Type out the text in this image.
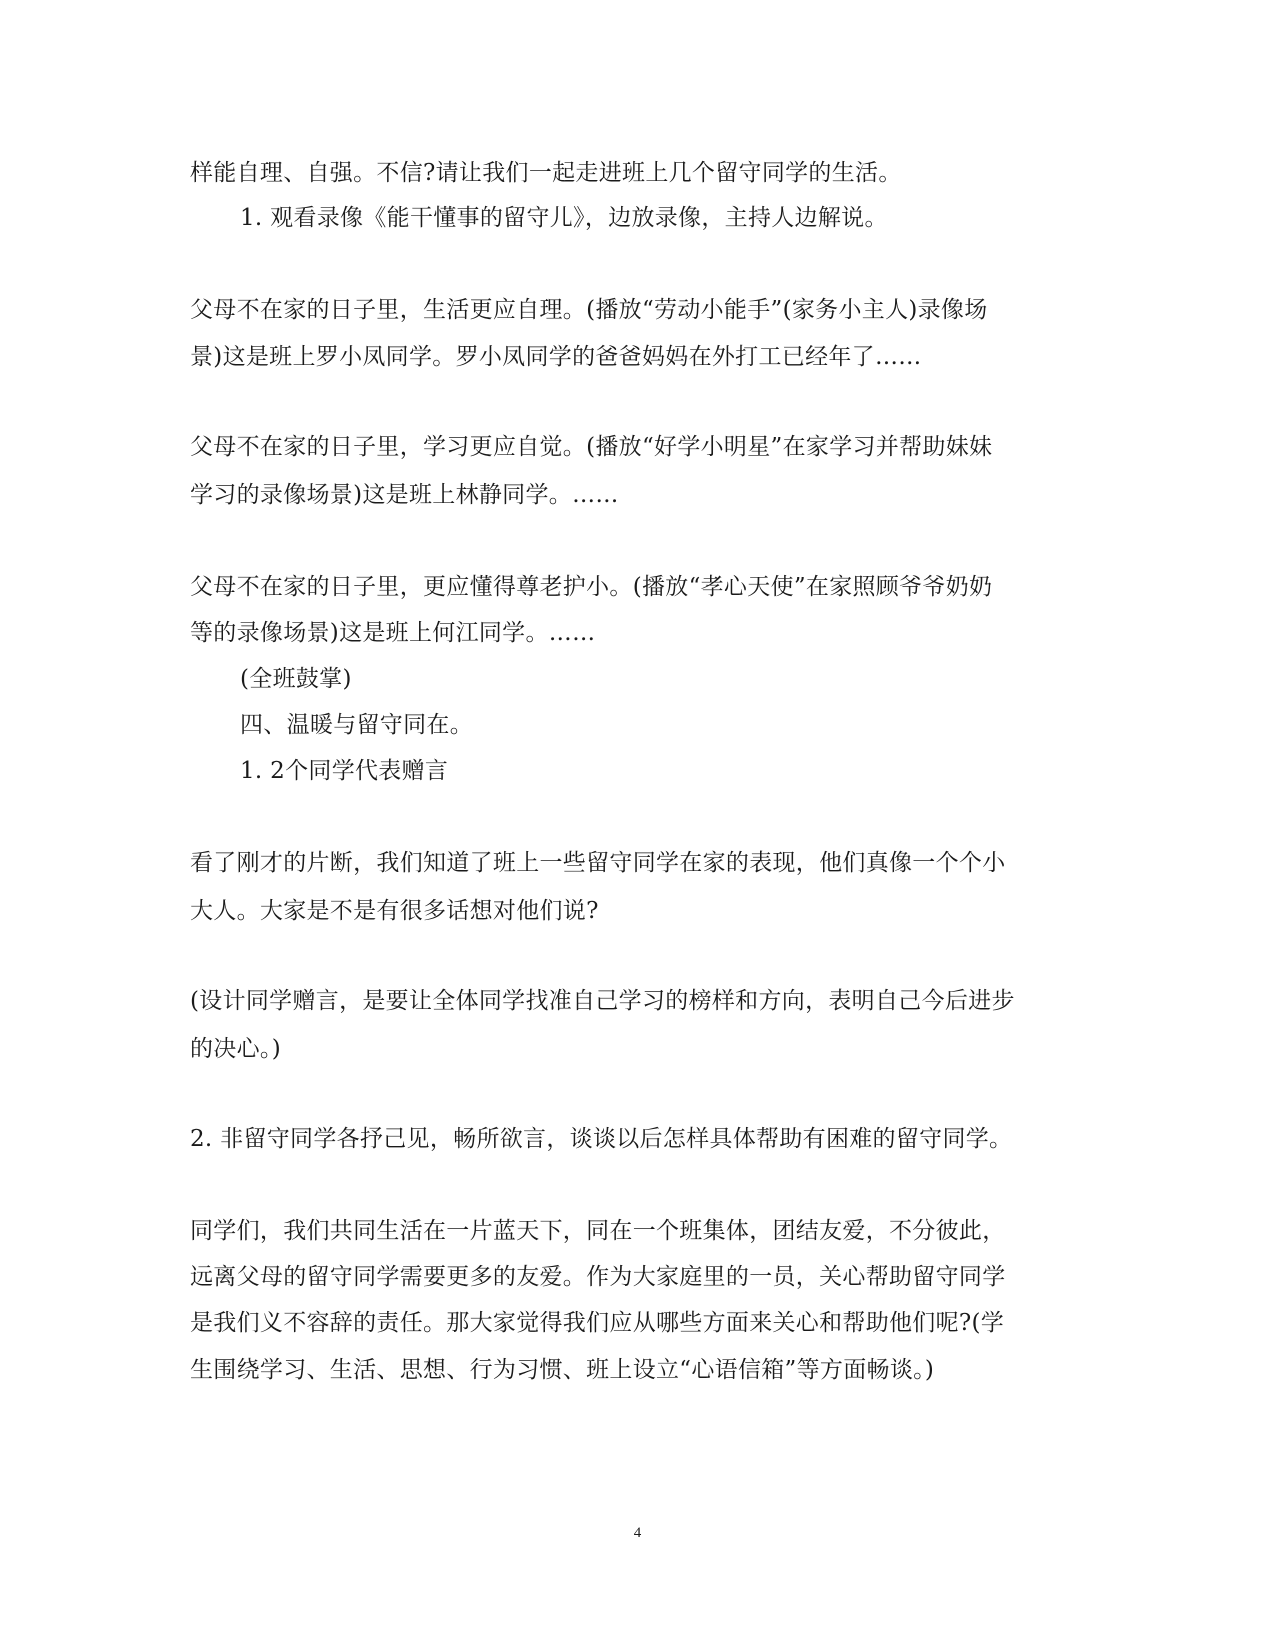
样能自理、自强。不信?请让我们一起走进班上几个留守同学的生活。
1. 观看录像《能干懂事的留守儿》，边放录像，主持人边解说。
父母不在家的日子里，生活更应自理。(播放“劳动小能手”(家务小主人)录像场
景)这是班上罗小凤同学。罗小凤同学的爸爸妈妈在外打工已经年了……
父母不在家的日子里，学习更应自觉。(播放“好学小明星”在家学习并帮助妹妹
学习的录像场景)这是班上林静同学。……
父母不在家的日子里，更应懂得尊老护小。(播放“孝心天使”在家照顾爷爷奶奶
等的录像场景)这是班上何江同学。……
(全班鼓掌)
四、温暖与留守同在。
1. 2个同学代表赠言
看了刚才的片断，我们知道了班上一些留守同学在家的表现，他们真像一个个小
大人。大家是不是有很多话想对他们说?
(设计同学赠言，是要让全体同学找准自己学习的榜样和方向，表明自己今后进步
的决心。)
2. 非留守同学各抒己见，畅所欲言，谈谈以后怎样具体帮助有困难的留守同学。
同学们，我们共同生活在一片蓝天下，同在一个班集体，团结友爱，不分彼此，
远离父母的留守同学需要更多的友爱。作为大家庭里的一员，关心帮助留守同学
是我们义不容辞的责任。那大家觉得我们应从哪些方面来关心和帮助他们呢?(学
生围绕学习、生活、思想、行为习惯、班上设立“心语信箱”等方面畅谈。)
4
